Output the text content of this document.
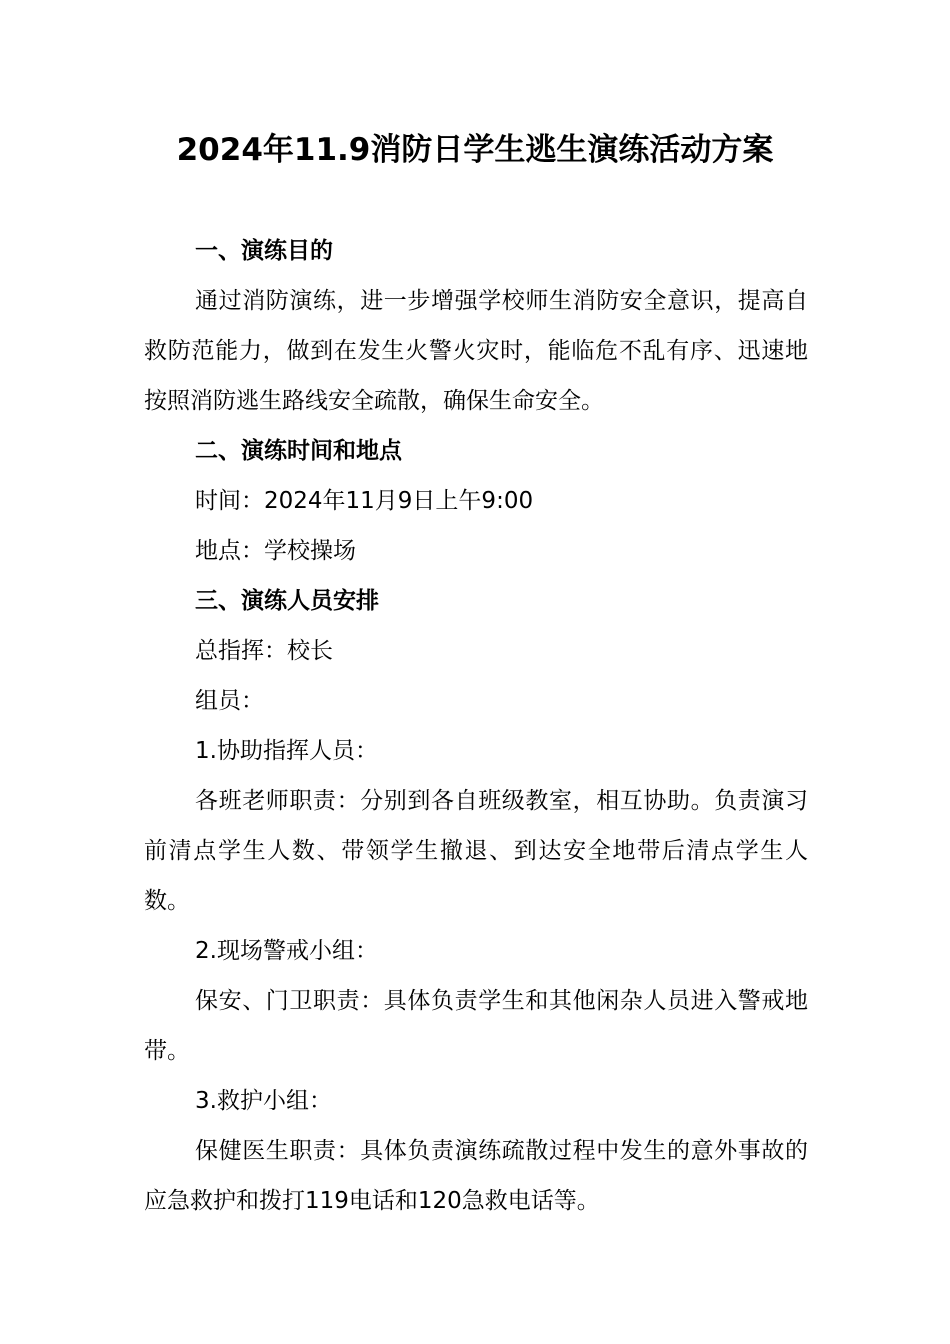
2024年11.9消防日学生逃生演练活动方案

一、演练目的

通过消防演练，进一步增强学校师生消防安全意识，提高自救防范能力，做到在发生火警火灾时，能临危不乱有序、迅速地按照消防逃生路线安全疏散，确保生命安全。

二、演练时间和地点

时间：2024年11月9日上午9:00

地点：学校操场

三、演练人员安排

总指挥：校长

组员：

1.协助指挥人员：

各班老师职责：分别到各自班级教室，相互协助。负责演习前清点学生人数、带领学生撤退、到达安全地带后清点学生人数。

2.现场警戒小组：

保安、门卫职责：具体负责学生和其他闲杂人员进入警戒地带。

3.救护小组：

保健医生职责：具体负责演练疏散过程中发生的意外事故的应急救护和拨打119电话和120急救电话等。
